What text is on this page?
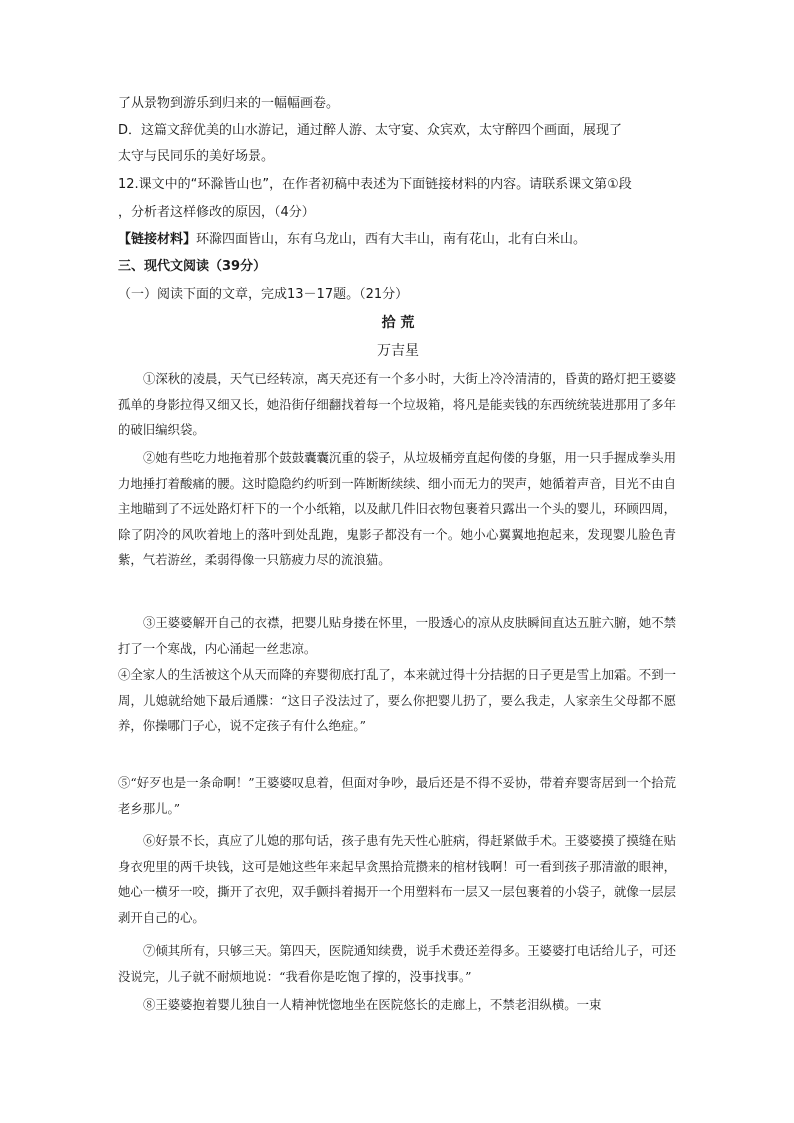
了从景物到游乐到归来的一幅幅画卷。
D．这篇文辞优美的山水游记，通过醉人游、太守宴、众宾欢，太守醉四个画面，展现了
太守与民同乐的美好场景。
12.课文中的“环滁皆山也”，在作者初稿中表述为下面链接材料的内容。请联系课文第①段
，分析者这样修改的原因，（4分）
【链接材料】环滁四面皆山，东有乌龙山，西有大丰山，南有花山，北有白米山。
三、现代文阅读（39分）
（一）阅读下面的文章，完成13－17题。（21分）
拾 荒
万吉星
①深秋的凌晨，天气已经转凉，离天亮还有一个多小时，大街上冷冷清清的，昏黄的路灯把王婆婆孤单的身影拉得又细又长，她沿街仔细翻找着每一个垃圾箱，将凡是能卖钱的东西统统装进那用了多年的破旧编织袋。
②她有些吃力地拖着那个鼓鼓囊囊沉重的袋子，从垃圾桶旁直起佝偻的身躯，用一只手握成拳头用力地捶打着酸痛的腰。这时隐隐约约听到一阵断断续续、细小而无力的哭声，她循着声音，目光不由自主地瞄到了不远处路灯杆下的一个小纸箱，以及献几件旧衣物包裹着只露出一个头的婴儿，环顾四周，除了阴冷的风吹着地上的落叶到处乱跑，鬼影子都没有一个。她小心翼翼地抱起来，发现婴儿脸色青紫，气若游丝，柔弱得像一只筋疲力尽的流浪猫。
③王婆婆解开自己的衣襟，把婴儿贴身搂在怀里，一股透心的凉从皮肤瞬间直达五脏六腑，她不禁打了一个寒战，内心涌起一丝悲凉。
④全家人的生活被这个从天而降的弃婴彻底打乱了，本来就过得十分拮据的日子更是雪上加霜。不到一周，儿媳就给她下最后通牒：“这日子没法过了，要么你把婴儿扔了，要么我走，人家亲生父母都不愿养，你操哪门子心，说不定孩子有什么绝症。”
⑤“好歹也是一条命啊！”王婆婆叹息着，但面对争吵，最后还是不得不妥协，带着弃婴寄居到一个拾荒老乡那儿。”
⑥好景不长，真应了儿媳的那句话，孩子患有先天性心脏病，得赶紧做手术。王婆婆摸了摸缝在贴身衣兜里的两千块钱，这可是她这些年来起早贪黑拾荒攒来的棺材钱啊！可一看到孩子那清澈的眼神，她心一横牙一咬，撕开了衣兜，双手颤抖着揭开一个用塑料布一层又一层包裹着的小袋子，就像一层层剥开自己的心。
⑦倾其所有，只够三天。第四天，医院通知续费，说手术费还差得多。王婆婆打电话给儿子，可还没说完，儿子就不耐烦地说：“我看你是吃饱了撑的，没事找事。”
⑧王婆婆抱着婴儿独自一人精神恍惚地坐在医院悠长的走廊上，不禁老泪纵横。一束
